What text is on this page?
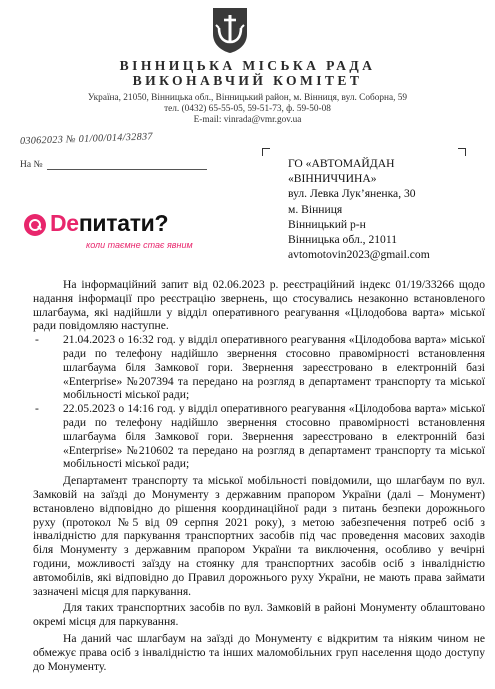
ВІННИЦЬКА МІСЬКА РАДА
ВИКОНАВЧИЙ КОМІТЕТ
Україна, 21050, Вінницька обл., Вінницький район, м. Вінниця, вул. Соборна, 59
тел. (0432) 65-55-05, 59-51-73, ф. 59-50-08
E-mail: vinrada@vmr.gov.ua
03062023 № 01/00/014/32837
На №	ГО «АВТОМАЙДАН
«ВІННИЧЧИНА»
вул. Левка Лук’яненка, 30
м. Вінниця
Вінницький р-н
Вінницька обл., 21011
avtomotovin2023@gmail.com
Deпитати?
коли таємне стає явним

На інформаційний запит від 02.06.2023 р. реєстраційний індекс 01/19/33266 щодо надання інформації про реєстрацію звернень, що стосувались незаконно встановленого шлагбаума, які надійшли у відділ оперативного реагування «Цілодобова варта» міської ради повідомляю наступне.

- 21.04.2023 о 16:32 год. у відділ оперативного реагування «Цілодобова варта» міської ради по телефону надійшло звернення стосовно правомірності встановлення шлагбаума біля Замкової гори. Звернення зареєстровано в електронній базі «Enterprise» №207394 та передано на розгляд в департамент транспорту та міської мобільності міської ради;
- 22.05.2023 о 14:16 год. у відділ оперативного реагування «Цілодобова варта» міської ради по телефону надійшло звернення стосовно правомірності встановлення шлагбаума біля Замкової гори. Звернення зареєстровано в електронній базі «Enterprise» №210602 та передано на розгляд в департамент транспорту та міської мобільності міської ради;

Департамент транспорту та міської мобільності повідомили, що шлагбаум по вул. Замковій на заїзді до Монументу з державним прапором України (далі – Монумент) встановлено відповідно до рішення координаційної ради з питань безпеки дорожнього руху (протокол №5 від 09 серпня 2021 року), з метою забезпечення потреб осіб з інвалідністю для паркування транспортних засобів під час проведення масових заходів біля Монументу з державним прапором України та виключення, особливо у вечірні години, можливості заїзду на стоянку для транспортних засобів осіб з інвалідністю автомобілів, які відповідно до Правил дорожнього руху України, не мають права займати зазначені місця для паркування.

Для таких транспортних засобів по вул. Замковій в районі Монументу облаштовано окремі місця для паркування.

На даний час шлагбаум на заїзді до Монументу є відкритим та ніяким чином не обмежує права осіб з інвалідністю та інших маломобільних груп населення щодо доступу до Монументу.
